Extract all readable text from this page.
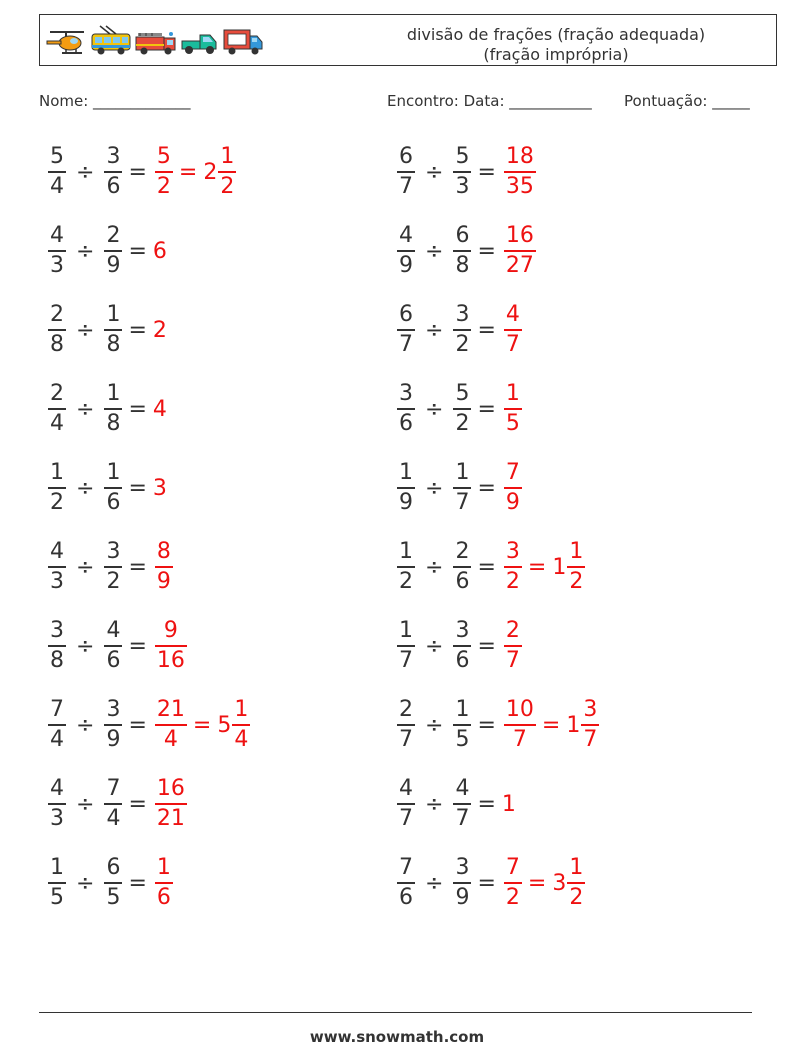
divisão de frações (fração adequada)
(fração imprópria)
Nome: _____________	Encontro: Data: ___________ Pontuação: _____
$\frac{5}{4} \div \frac{3}{6} = \frac{5}{2} = 2 \frac{1}{2}$	$\frac{6}{7} \div \frac{5}{3} = \frac{18}{35}$
$\frac{4}{3} \div \frac{2}{9} = 6$	$\frac{4}{9} \div \frac{6}{8} = \frac{16}{27}$
$\frac{2}{8} \div \frac{1}{8} = 2$	$\frac{6}{7} \div \frac{3}{2} = \frac{4}{7}$
$\frac{2}{4} \div \frac{1}{8} = 4$	$\frac{3}{6} \div \frac{5}{2} = \frac{1}{5}$
$\frac{1}{2} \div \frac{1}{6} = 3$	$\frac{1}{9} \div \frac{1}{7} = \frac{7}{9}$
$\frac{4}{3} \div \frac{3}{2} = \frac{8}{9}$	$\frac{1}{2} \div \frac{2}{6} = \frac{3}{2} = 1 \frac{1}{2}$
$\frac{3}{8} \div \frac{4}{6} = \frac{9}{16}$	$\frac{1}{7} \div \frac{3}{6} = \frac{2}{7}$
$\frac{7}{4} \div \frac{3}{9} = \frac{21}{4} = 5 \frac{1}{4}$	$\frac{2}{7} \div \frac{1}{5} = \frac{10}{7} = 1 \frac{3}{7}$
$\frac{4}{3} \div \frac{7}{4} = \frac{16}{21}$	$\frac{4}{7} \div \frac{4}{7} = 1$
$\frac{1}{5} \div \frac{6}{5} = \frac{1}{6}$	$\frac{7}{6} \div \frac{3}{9} = \frac{7}{2} = 3 \frac{1}{2}$
www.snowmath.com
